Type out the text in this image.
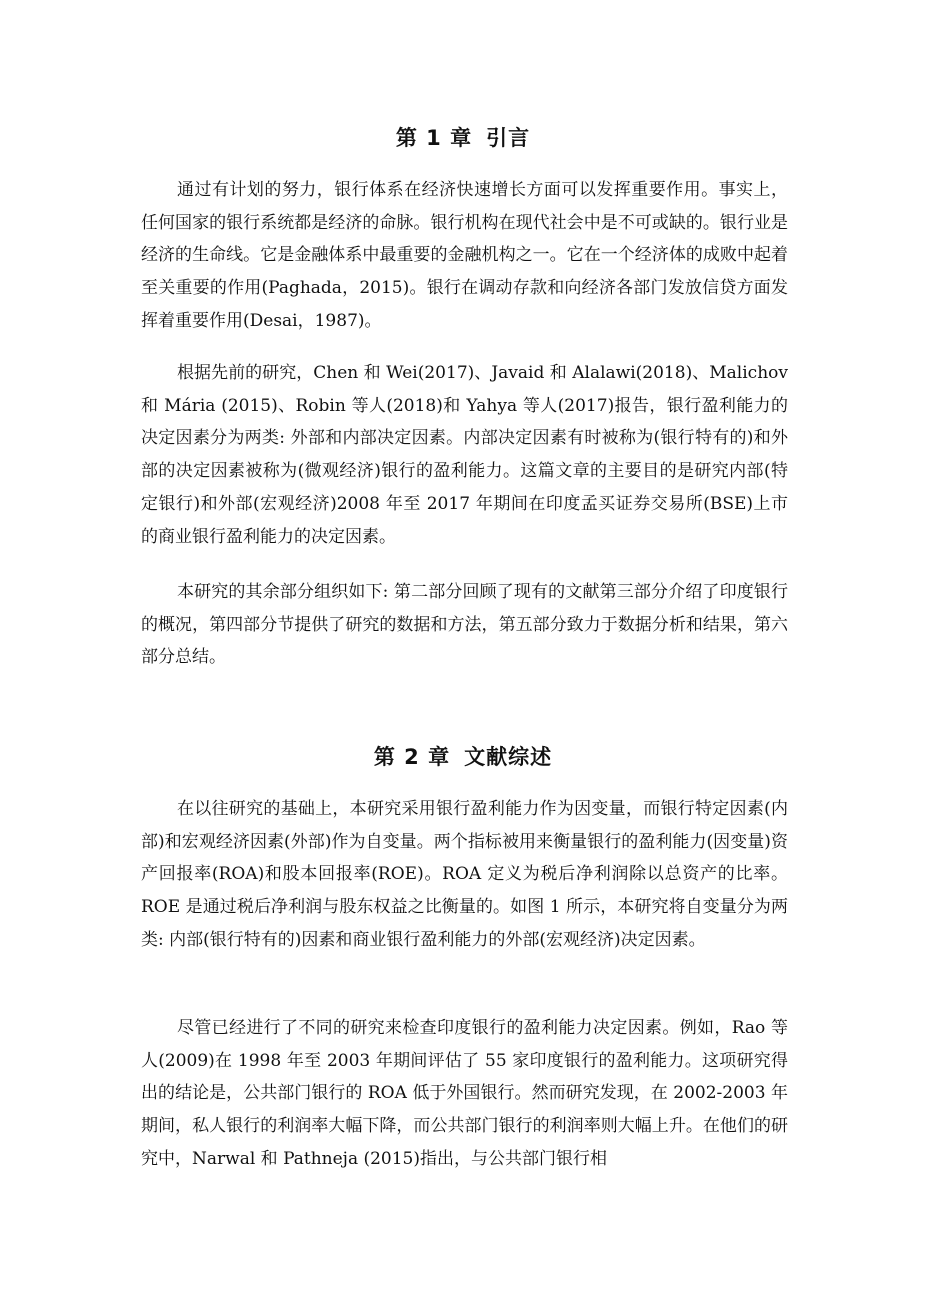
第 1 章 引言

通过有计划的努力，银行体系在经济快速增长方面可以发挥重要作用。事实上，任何国家的银行系统都是经济的命脉。银行机构在现代社会中是不可或缺的。银行业是经济的生命线。它是金融体系中最重要的金融机构之一。它在一个经济体的成败中起着至关重要的作用(Paghada，2015)。银行在调动存款和向经济各部门发放信贷方面发挥着重要作用(Desai，1987)。

根据先前的研究，Chen 和 Wei(2017)、Javaid 和 Alalawi(2018)、Malichov 和 Mária (2015)、Robin 等人(2018)和 Yahya 等人(2017)报告，银行盈利能力的决定因素分为两类: 外部和内部决定因素。内部决定因素有时被称为(银行特有的)和外部的决定因素被称为(微观经济)银行的盈利能力。这篇文章的主要目的是研究内部(特定银行)和外部(宏观经济)2008 年至 2017 年期间在印度孟买证券交易所(BSE)上市的商业银行盈利能力的决定因素。

本研究的其余部分组织如下: 第二部分回顾了现有的文献第三部分介绍了印度银行的概况，第四部分节提供了研究的数据和方法，第五部分致力于数据分析和结果，第六部分总结。

第 2 章 文献综述

在以往研究的基础上，本研究采用银行盈利能力作为因变量，而银行特定因素(内部)和宏观经济因素(外部)作为自变量。两个指标被用来衡量银行的盈利能力(因变量)资产回报率(ROA)和股本回报率(ROE)。ROA 定义为税后净利润除以总资产的比率。ROE 是通过税后净利润与股东权益之比衡量的。如图 1 所示，本研究将自变量分为两类: 内部(银行特有的)因素和商业银行盈利能力的外部(宏观经济)决定因素。

尽管已经进行了不同的研究来检查印度银行的盈利能力决定因素。例如，Rao 等人(2009)在 1998 年至 2003 年期间评估了 55 家印度银行的盈利能力。这项研究得出的结论是，公共部门银行的 ROA 低于外国银行。然而研究发现，在 2002-2003 年期间，私人银行的利润率大幅下降，而公共部门银行的利润率则大幅上升。在他们的研究中，Narwal 和 Pathneja (2015)指出，与公共部门银行相
